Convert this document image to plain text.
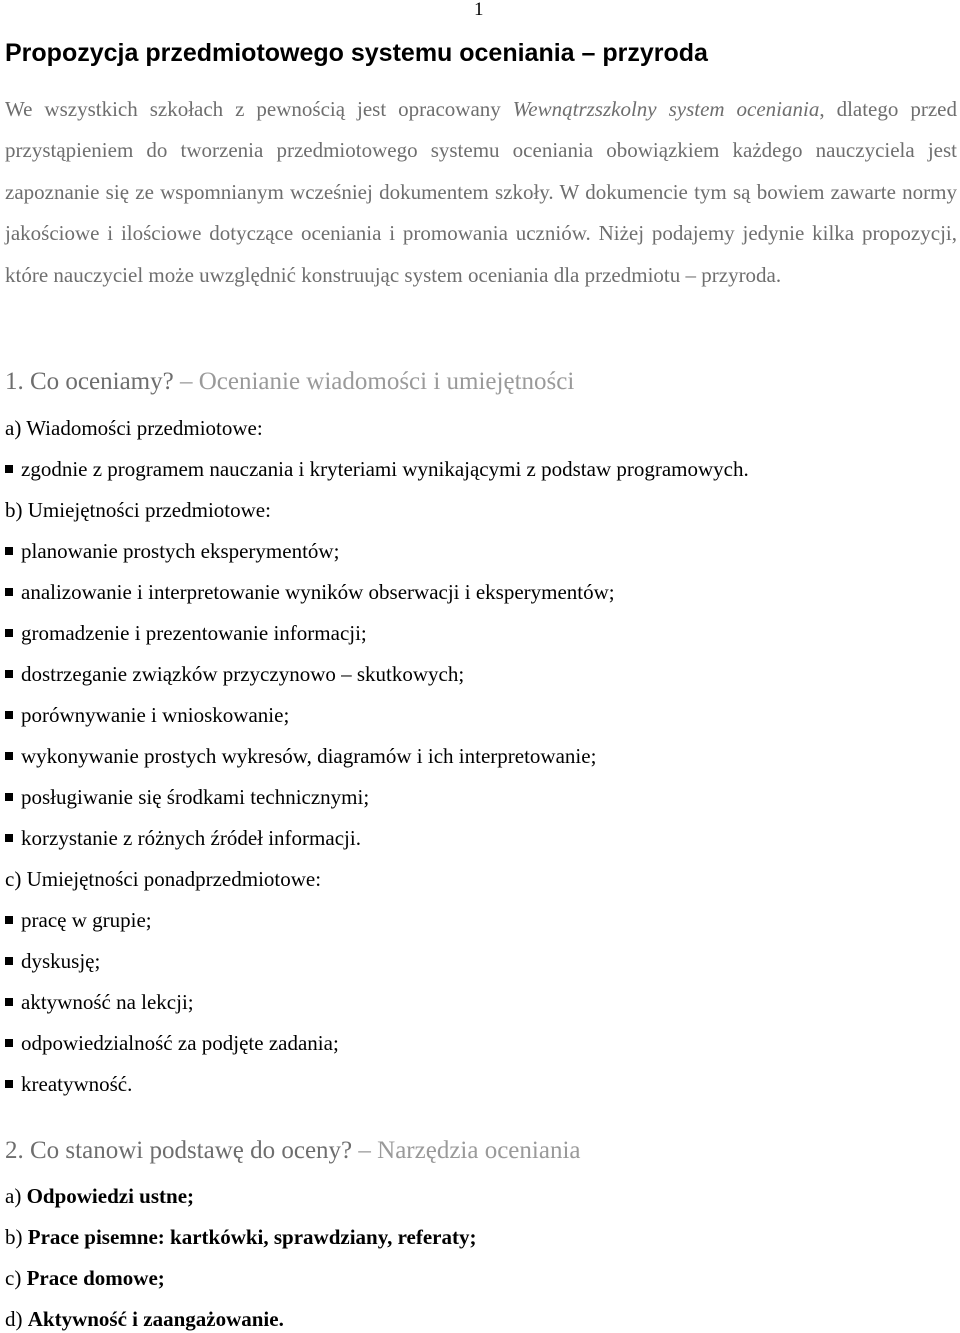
1
Propozycja przedmiotowego systemu oceniania – przyroda

We wszystkich szkołach z pewnością jest opracowany Wewnątrzszkolny system oceniania, dlatego przed przystąpieniem do tworzenia przedmiotowego systemu oceniania obowiązkiem każdego nauczyciela jest zapoznanie się ze wspomnianym wcześniej dokumentem szkoły. W dokumencie tym są bowiem zawarte normy jakościowe i ilościowe dotyczące oceniania i promowania uczniów. Niżej podajemy jedynie kilka propozycji, które nauczyciel może uwzględnić konstruując system oceniania dla przedmiotu – przyroda.

1. Co oceniamy? – Ocenianie wiadomości i umiejętności
a) Wiadomości przedmiotowe:
zgodnie z programem nauczania i kryteriami wynikającymi z podstaw programowych.
b) Umiejętności przedmiotowe:
planowanie prostych eksperymentów;
analizowanie i interpretowanie wyników obserwacji i eksperymentów;
gromadzenie i prezentowanie informacji;
dostrzeganie związków przyczynowo – skutkowych;
porównywanie i wnioskowanie;
wykonywanie prostych wykresów, diagramów i ich interpretowanie;
posługiwanie się środkami technicznymi;
korzystanie z różnych źródeł informacji.
c) Umiejętności ponadprzedmiotowe:
pracę w grupie;
dyskusję;
aktywność na lekcji;
odpowiedzialność za podjęte zadania;
kreatywność.
2. Co stanowi podstawę do oceny? – Narzędzia oceniania
a) Odpowiedzi ustne;
b) Prace pisemne: kartkówki, sprawdziany, referaty;
c) Prace domowe;
d) Aktywność i zaangażowanie.
